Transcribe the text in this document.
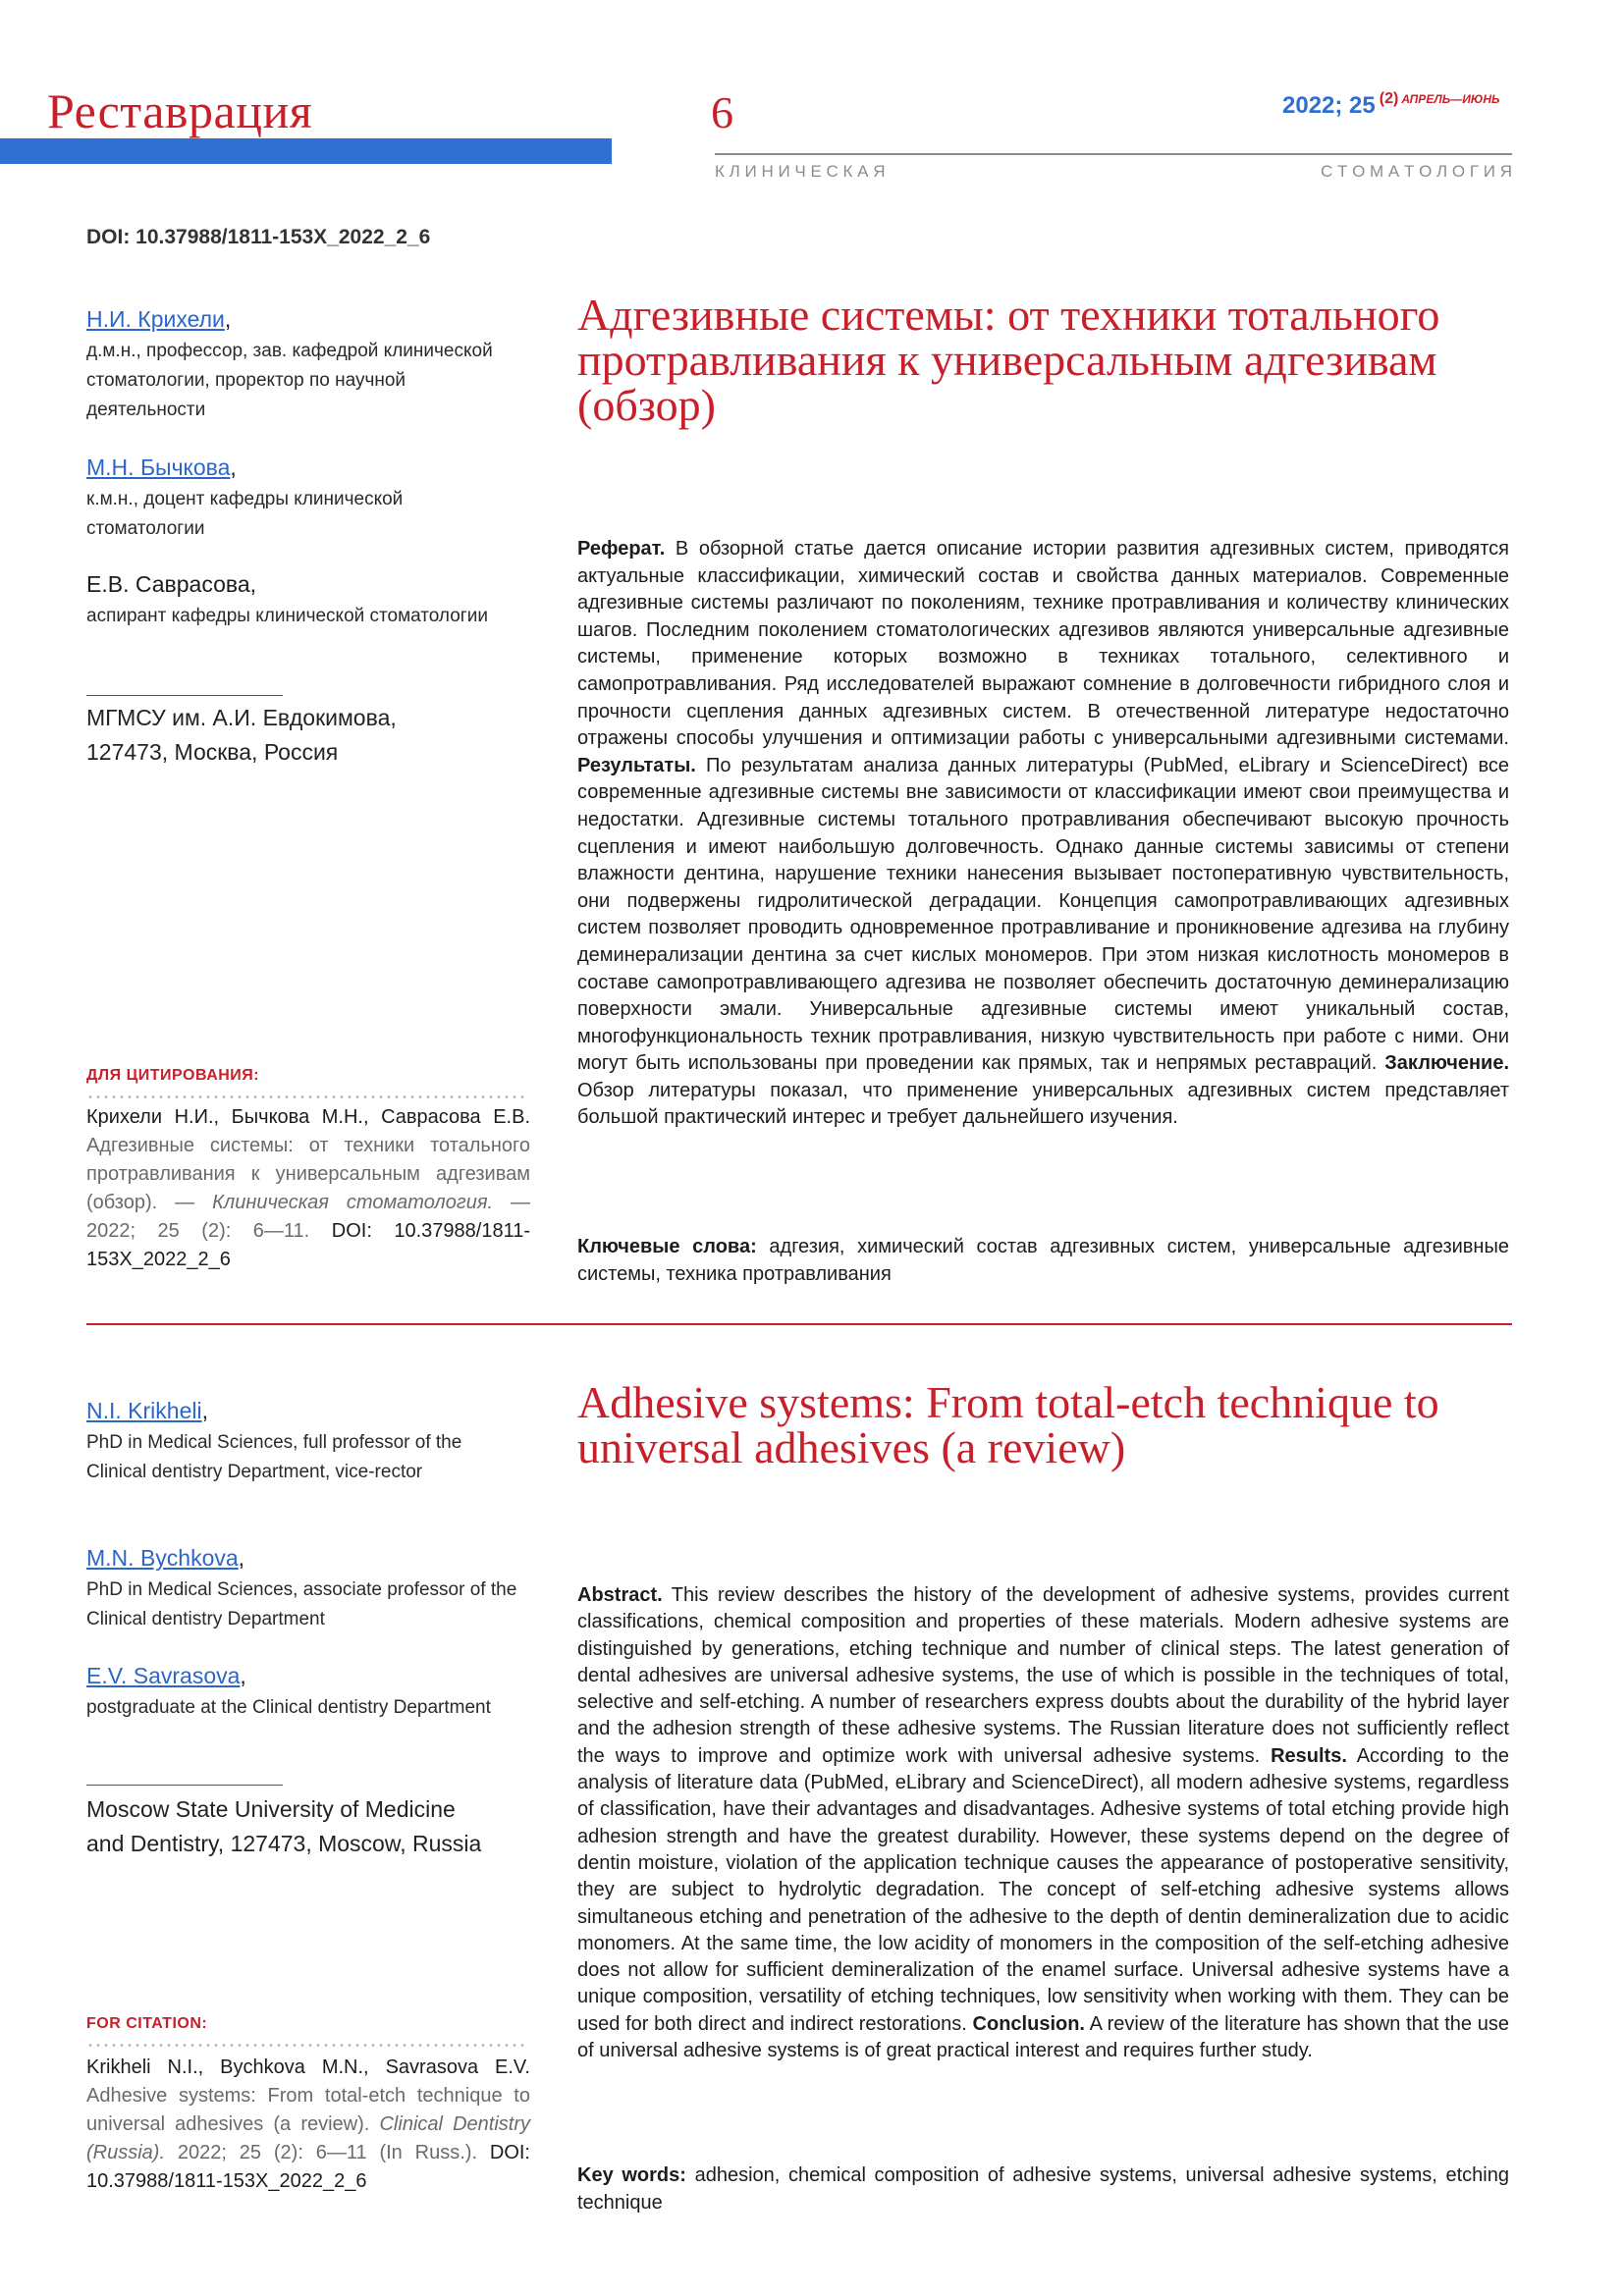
Реставрация	6	2022; 25 (2) $^{АПРЕЛЬ—ИЮНЬ}$
К Л И Н И Ч Е С К А Я	С Т О М А Т О Л О Г И Я
DOI: 10.37988/1811-153X_2022_2_6
Н.И. Крихели,
д.м.н., профессор, зав. кафедрой клинической стоматологии, проректор по научной деятельности
М.Н. Бычкова,
к.м.н., доцент кафедры клинической стоматологии
Е.В. Саврасова,
аспирант кафедры клинической стоматологии
МГМСУ им. А.И. Евдокимова,
127473, Москва, Россия
ДЛЯ ЦИТИРОВАНИЯ:
Крихели Н.И., Бычкова М.Н., Саврасова Е.В. Адгезивные системы: от техники тотального протравливания к универсальным адгезивам (обзор). — Клиническая стоматология. — 2022; 25 (2): 6—11. DOI: 10.37988/1811-153X_2022_2_6
Адгезивные системы: от техники тотального протравливания к универсальным адгезивам (обзор)
Реферат. В обзорной статье дается описание истории развития адгезивных систем, приводятся актуальные классификации, химический состав и свойства данных материалов. Современные адгезивные системы различают по поколениям, технике протравливания и количеству клинических шагов. Последним поколением стоматологических адгезивов являются универсальные адгезивные системы, применение которых возможно в техниках тотального, селективного и самопротравливания. Ряд исследователей выражают сомнение в долговечности гибридного слоя и прочности сцепления данных адгезивных систем. В отечественной литературе недостаточно отражены способы улучшения и оптимизации работы с универсальными адгезивными системами. Результаты. По результатам анализа данных литературы (PubMed, eLibrary и ScienceDirect) все современные адгезивные системы вне зависимости от классификации имеют свои преимущества и недостатки. Адгезивные системы тотального протравливания обеспечивают высокую прочность сцепления и имеют наибольшую долговечность. Однако данные системы зависимы от степени влажности дентина, нарушение техники нанесения вызывает постоперативную чувствительность, они подвержены гидролитической деградации. Концепция самопротравливающих адгезивных систем позволяет проводить одновременное протравливание и проникновение адгезива на глубину деминерализации дентина за счет кислых мономеров. При этом низкая кислотность мономеров в составе самопротравливающего адгезива не позволяет обеспечить достаточную деминерализацию поверхности эмали. Универсальные адгезивные системы имеют уникальный состав, многофункциональность техник протравливания, низкую чувствительность при работе с ними. Они могут быть использованы при проведении как прямых, так и непрямых реставраций. Заключение. Обзор литературы показал, что применение универсальных адгезивных систем представляет большой практический интерес и требует дальнейшего изучения.
Ключевые слова: адгезия, химический состав адгезивных систем, универсальные адгезивные системы, техника протравливания
N.I. Krikheli,
PhD in Medical Sciences, full professor of the Clinical dentistry Department, vice-rector
M.N. Bychkova,
PhD in Medical Sciences, associate professor of the Clinical dentistry Department
E.V. Savrasova,
postgraduate at the Clinical dentistry Department
Moscow State University of Medicine
and Dentistry, 127473, Moscow, Russia
FOR CITATION:
Krikheli N.I., Bychkova M.N., Savrasova E.V. Adhesive systems: From total-etch technique to universal adhesives (a review). Clinical Dentistry (Russia). 2022; 25 (2): 6—11 (In Russ.). DOI: 10.37988/1811-153X_2022_2_6
Adhesive systems: From total-etch technique to universal adhesives (a review)
Abstract. This review describes the history of the development of adhesive systems, provides current classifications, chemical composition and properties of these materials. Modern adhesive systems are distinguished by generations, etching technique and number of clinical steps. The latest generation of dental adhesives are universal adhesive systems, the use of which is possible in the techniques of total, selective and self-etching. A number of researchers express doubts about the durability of the hybrid layer and the adhesion strength of these adhesive systems. The Russian literature does not sufficiently reflect the ways to improve and optimize work with universal adhesive systems. Results. According to the analysis of literature data (PubMed, eLibrary and ScienceDirect), all modern adhesive systems, regardless of classification, have their advantages and disadvantages. Adhesive systems of total etching provide high adhesion strength and have the greatest durability. However, these systems depend on the degree of dentin moisture, violation of the application technique causes the appearance of postoperative sensitivity, they are subject to hydrolytic degradation. The concept of self-etching adhesive systems allows simultaneous etching and penetration of the adhesive to the depth of dentin demineralization due to acidic monomers. At the same time, the low acidity of monomers in the composition of the self-etching adhesive does not allow for sufficient demineralization of the enamel surface. Universal adhesive systems have a unique composition, versatility of etching techniques, low sensitivity when working with them. They can be used for both direct and indirect restorations. Conclusion. A review of the literature has shown that the use of universal adhesive systems is of great practical interest and requires further study.
Key words: adhesion, chemical composition of adhesive systems, universal adhesive systems, etching technique
